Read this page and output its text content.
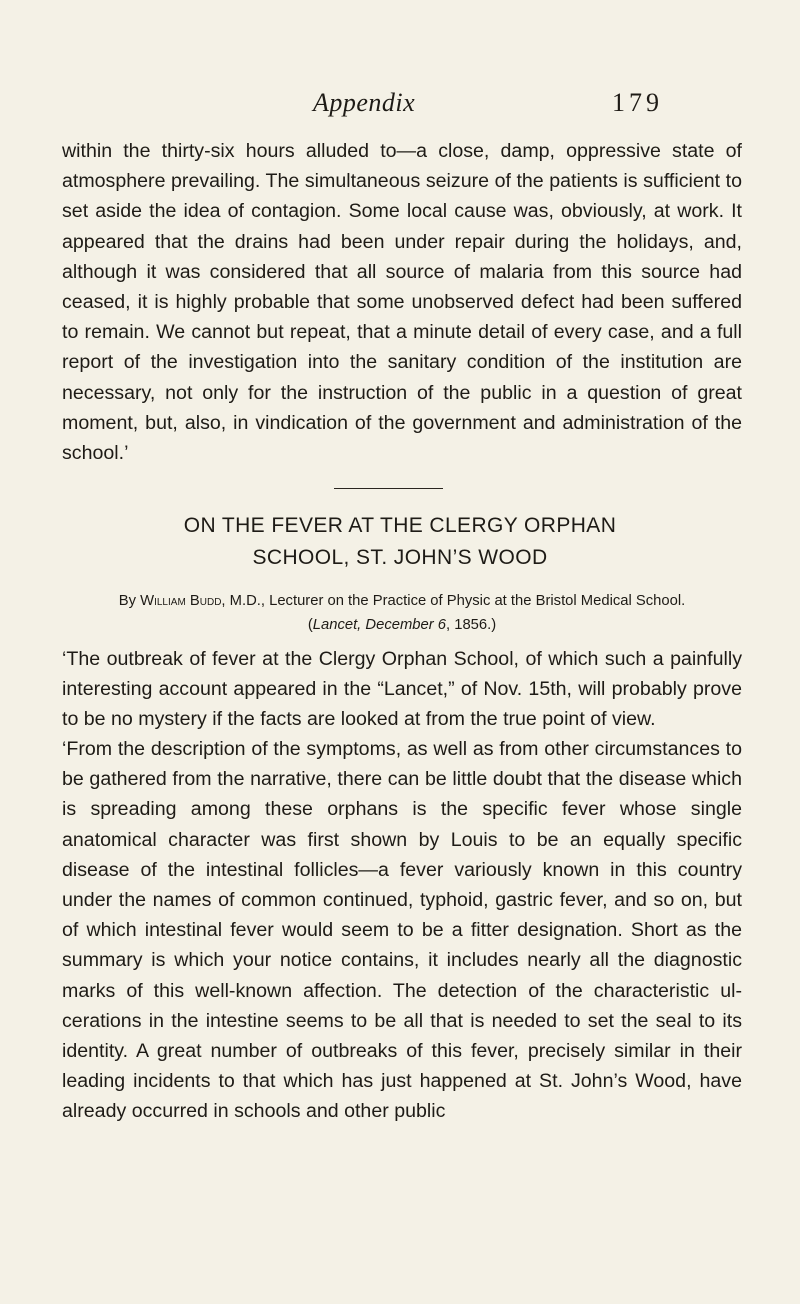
Appendix	179

within the thirty-six hours alluded to—a close, damp, oppressive state of atmosphere prevailing. The simultaneous seizure of the patients is sufficient to set aside the idea of contagion. Some local cause was, obviously, at work. It appeared that the drains had been under repair during the holidays, and, although it was considered that all source of malaria from this source had ceased, it is highly probable that some unobserved defect had been suffered to remain. We cannot but repeat, that a minute detail of every case, and a full report of the investigation into the sanitary condition of the institution are necessary, not only for the instruction of the public in a question of great moment, but, also, in vindication of the government and administration of the school.’

ON THE FEVER AT THE CLERGY ORPHAN
SCHOOL, ST. JOHN’S WOOD
By William Budd, M.D., Lecturer on the Practice of Physic at the Bristol Medical School.
(Lancet, December 6, 1856.)

‘The outbreak of fever at the Clergy Orphan School, of which such a painfully interesting account appeared in the “Lancet,” of Nov. 15th, will probably prove to be no mystery if the facts are looked at from the true point of view.

‘From the description of the symptoms, as well as from other circumstances to be gathered from the narrative, there can be little doubt that the disease which is spreading among these orphans is the specific fever whose single anatomical character was first shown by Louis to be an equally specific disease of the intestinal follicles—a fever variously known in this country under the names of common continued, typhoid, gastric fever, and so on, but of which intestinal fever would seem to be a fitter designation. Short as the summary is which your notice contains, it includes nearly all the diagnostic marks of this well-known affection. The detection of the characteristic ulcerations in the intestine seems to be all that is needed to set the seal to its identity. A great number of outbreaks of this fever, precisely similar in their leading incidents to that which has just happened at St. John’s Wood, have already occurred in schools and other public
